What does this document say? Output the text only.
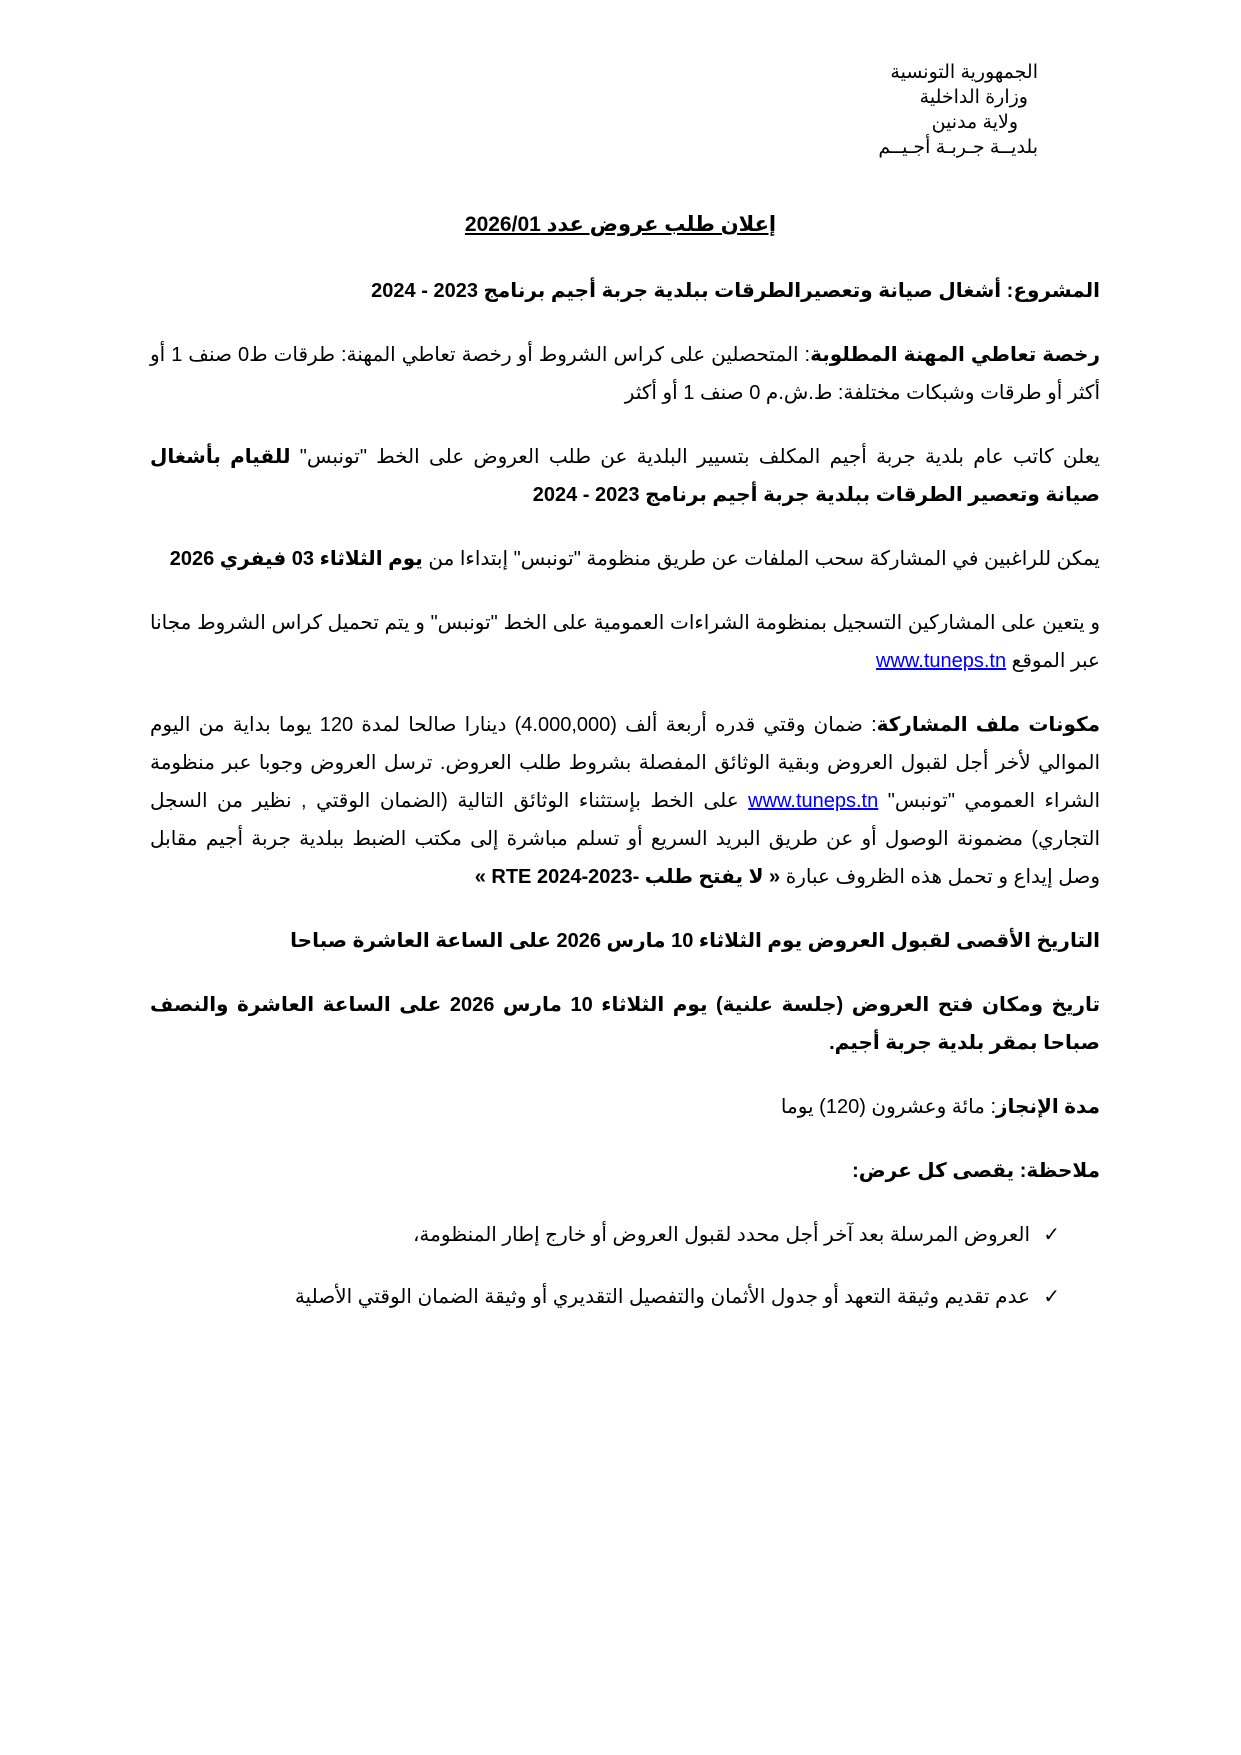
الجمهورية التونسية
وزارة الداخلية
ولاية مدنين
بلديــة جـربـة أجـيــم
إعلان طلب عروض عدد 2026/01

المشروع: أشغال صيانة وتعصيرالطرقات ببلدية جربة أجيم برنامج 2023 - 2024

رخصة تعاطي المهنة المطلوبة: المتحصلين على كراس الشروط أو رخصة تعاطي المهنة: طرقات ط0 صنف 1 أو أكثر أو طرقات وشبكات مختلفة: ط.ش.م 0 صنف 1 أو أكثر

يعلن كاتب عام بلدية جربة أجيم المكلف بتسيير البلدية عن طلب العروض على الخط "تونبس" للقيام بأشغال صيانة وتعصير الطرقات ببلدية جربة أجيم برنامج 2023 - 2024

يمكن للراغبين في المشاركة سحب الملفات عن طريق منظومة "تونبس" إبتداءا من يوم الثلاثاء 03 فيفري 2026

و يتعين على المشاركين التسجيل بمنظومة الشراءات العمومية على الخط "تونبس" و يتم تحميل كراس الشروط مجانا عبر الموقع www.tuneps.tn

مكونات ملف المشاركة: ضمان وقتي قدره أربعة ألف (4.000,000) دينارا صالحا لمدة 120 يوما بداية من اليوم الموالي لأخر أجل لقبول العروض وبقية الوثائق المفصلة بشروط طلب العروض. ترسل العروض وجوبا عبر منظومة الشراء العمومي "تونبس" www.tuneps.tn على الخط بإستثناء الوثائق التالية (الضمان الوقتي , نظير من السجل التجاري) مضمونة الوصول أو عن طريق البريد السريع أو تسلم مباشرة إلى مكتب الضبط ببلدية جربة أجيم مقابل وصل إيداع و تحمل هذه الظروف عبارة « لا يفتح طلب -RTE 2024-2023 »

التاريخ الأقصى لقبول العروض يوم الثلاثاء 10 مارس 2026 على الساعة العاشرة صباحا

تاريخ ومكان فتح العروض (جلسة علنية) يوم الثلاثاء 10 مارس 2026 على الساعة العاشرة والنصف صباحا بمقر بلدية جربة أجيم.

مدة الإنجاز: مائة وعشرون (120) يوما

ملاحظة: يقصى كل عرض:

✓
العروض المرسلة بعد آخر أجل محدد لقبول العروض أو خارج إطار المنظومة،
✓
عدم تقديم وثيقة التعهد أو جدول الأثمان والتفصيل التقديري أو وثيقة الضمان الوقتي الأصلية
